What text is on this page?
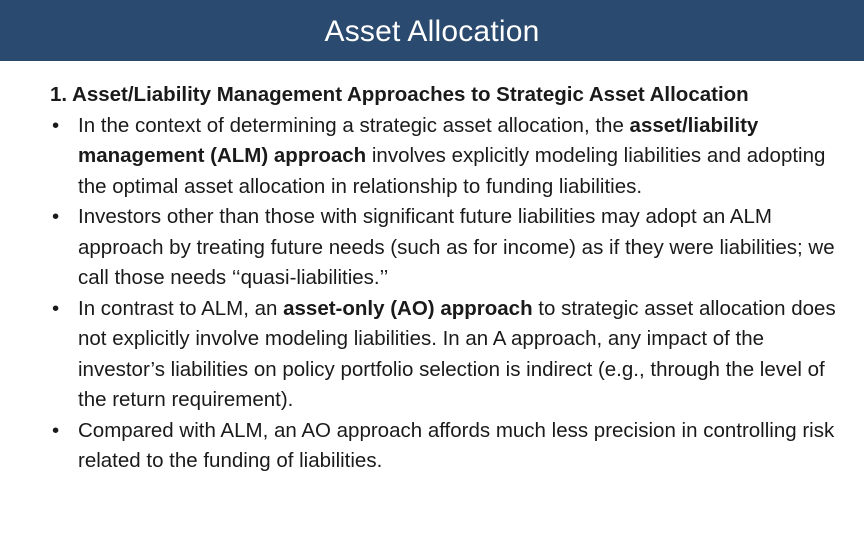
Asset Allocation

1. Asset/Liability Management Approaches to Strategic Asset Allocation

• In the context of determining a strategic asset allocation, the asset/liability management (ALM) approach involves explicitly modeling liabilities and adopting the optimal asset allocation in relationship to funding liabilities.
• Investors other than those with significant future liabilities may adopt an ALM approach by treating future needs (such as for income) as if they were liabilities; we call those needs ‘‘quasi-liabilities.’’
• In contrast to ALM, an asset-only (AO) approach to strategic asset allocation does not explicitly involve modeling liabilities. In an A approach, any impact of the investor’s liabilities on policy portfolio selection is indirect (e.g., through the level of the return requirement).
• Compared with ALM, an AO approach affords much less precision in controlling risk related to the funding of liabilities.
